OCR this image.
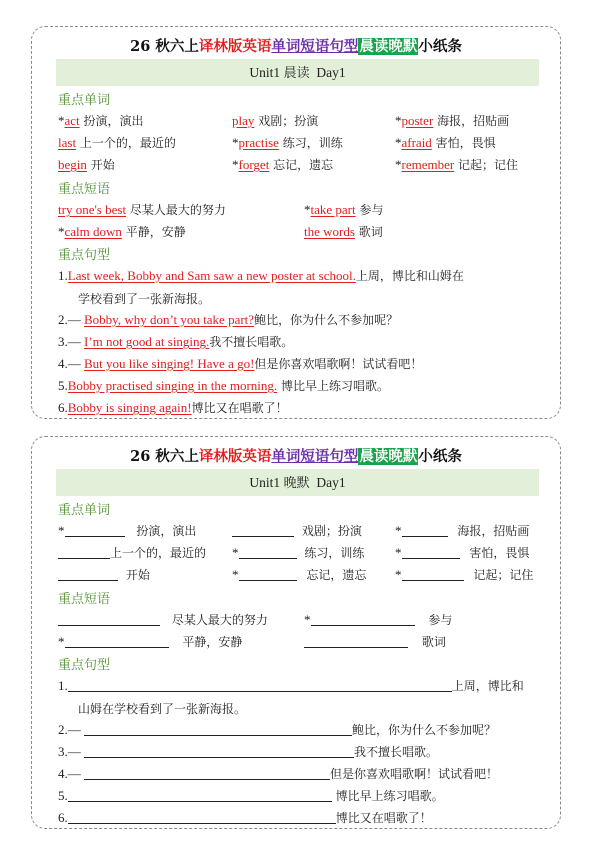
26 秋六上译林版英语单词短语句型晨读晚默小纸条
Unit1 晨读  Day1
重点单词
*act 扮演，演出	play 戏剧；扮演	*poster 海报，招贴画
last 上一个的，最近的	*practise 练习，训练	*afraid 害怕，畏惧
begin 开始	*forget 忘记，遗忘	*remember 记起；记住
重点短语
try one's best 尽某人最大的努力	*take part 参与
*calm down 平静，安静	the words 歌词
重点句型
1.Last week, Bobby and Sam saw a new poster at school.上周，博比和山姆在
学校看到了一张新海报。
2.— Bobby, why don’t you take part?鲍比，你为什么不参加呢？
3.— I’m not good at singing.我不擅长唱歌。
4.— But you like singing! Have a go!但是你喜欢唱歌啊！试试看吧！
5.Bobby practised singing in the morning. 博比早上练习唱歌。
6.Bobby is singing again!博比又在唱歌了！
26 秋六上译林版英语单词短语句型晨读晚默小纸条
Unit1 晚默  Day1
重点单词
*	扮演，演出	戏剧；扮演	*	海报，招贴画
上一个的，最近的 *	练习，训练 *	害怕，畏惧
开始	*	忘记，遗忘 *	记起；记住
重点短语
尽某人最大的努力	*	参与
*	平静，安静	歌词
重点句型
1.	上周，博比和
山姆在学校看到了一张新海报。
2.—	鲍比，你为什么不参加呢？
3.—	我不擅长唱歌。
4.—	但是你喜欢唱歌啊！试试看吧！
5.	博比早上练习唱歌。
6.	博比又在唱歌了！
